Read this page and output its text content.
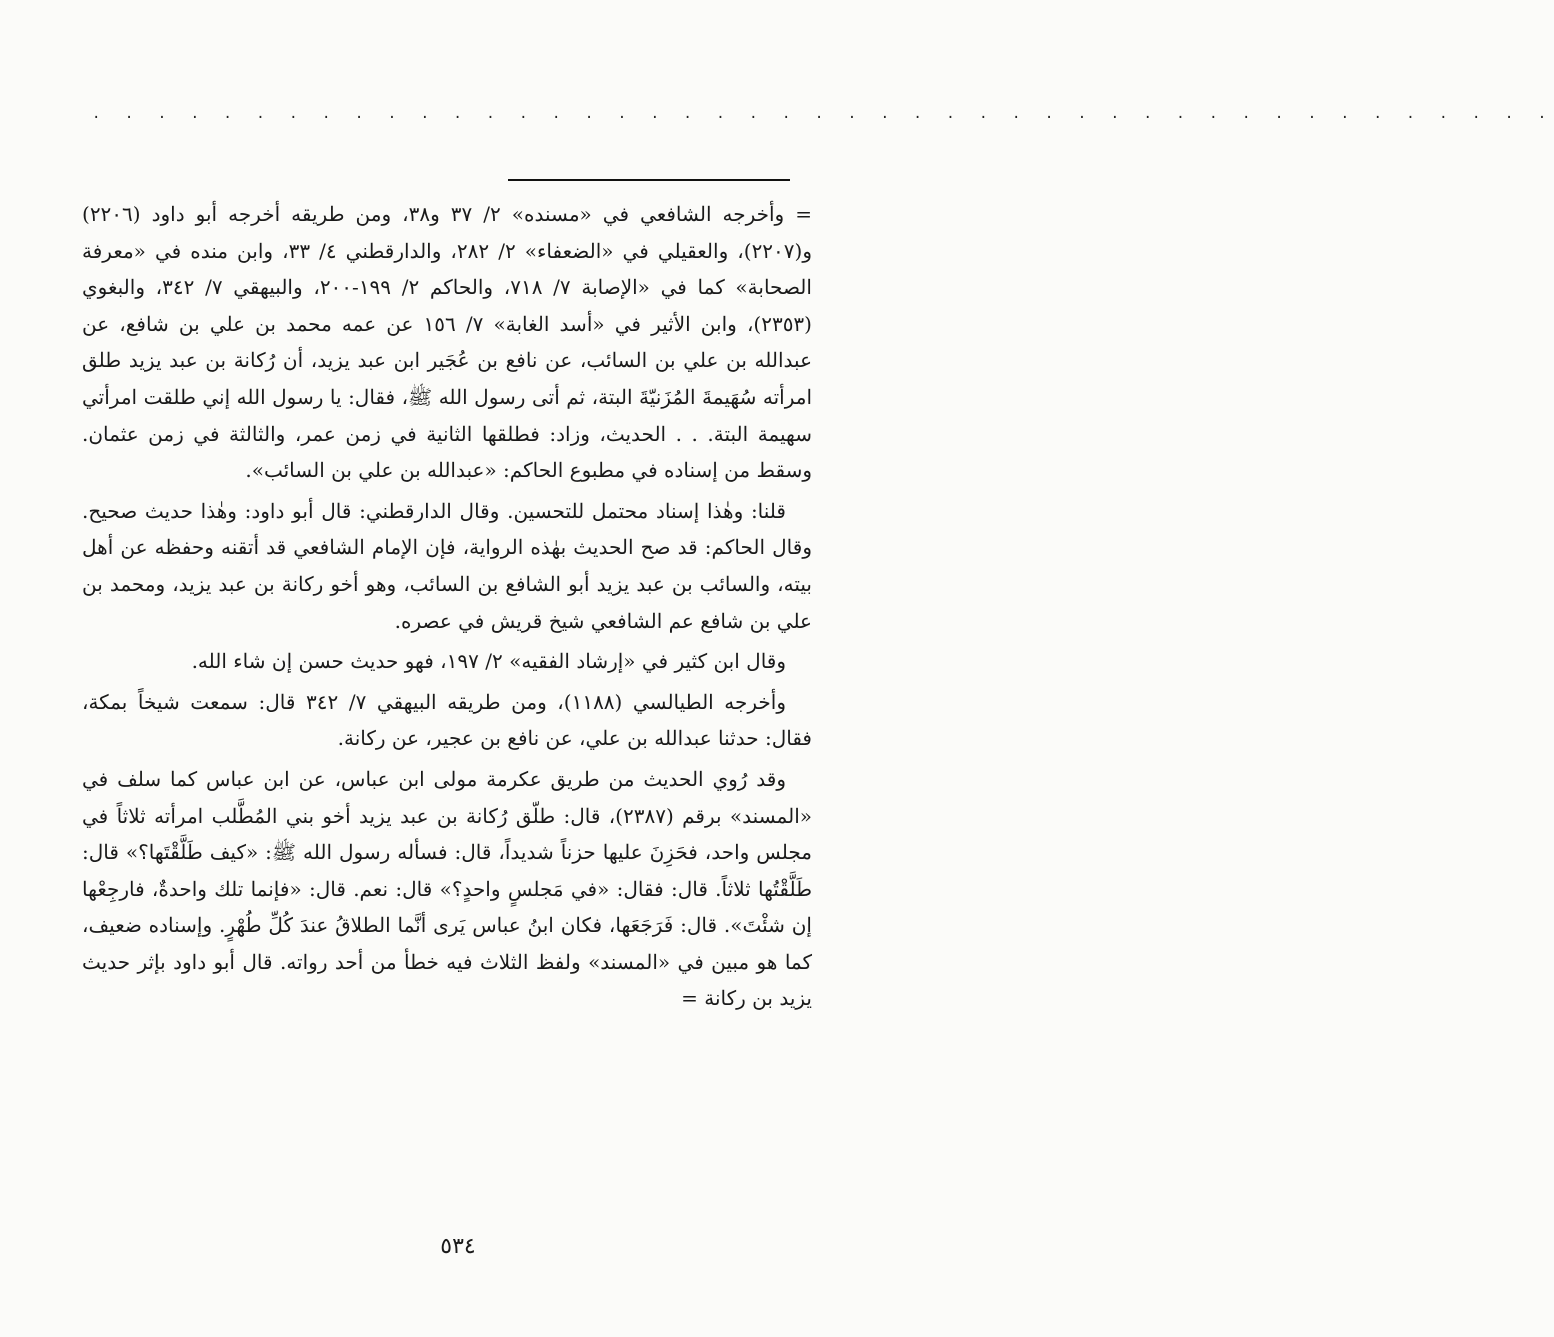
. . . . . . . . . . . . . . . . . . . . . . . . . . . . . . . . . . . . . . . . . . . . .

= وأخرجه الشافعي في «مسنده» ٢/ ٣٧ و٣٨، ومن طريقه أخرجه أبو داود (٢٢٠٦) و(٢٢٠٧)، والعقيلي في «الضعفاء» ٢/ ٢٨٢، والدارقطني ٤/ ٣٣، وابن منده في «معرفة الصحابة» كما في «الإصابة ٧/ ٧١٨، والحاكم ٢/ ١٩٩-٢٠٠، والبيهقي ٧/ ٣٤٢، والبغوي (٢٣٥٣)، وابن الأثير في «أسد الغابة» ٧/ ١٥٦ عن عمه محمد بن علي بن شافع، عن عبدالله بن علي بن السائب، عن نافع بن عُجَير ابن عبد يزيد، أن رُكانة بن عبد يزيد طلق امرأته سُهَيمةَ المُزَنيّةَ البتة، ثم أتى رسول الله ﷺ، فقال: يا رسول الله إني طلقت امرأتي سهيمة البتة. . . الحديث، وزاد: فطلقها الثانية في زمن عمر، والثالثة في زمن عثمان. وسقط من إسناده في مطبوع الحاكم: «عبدالله بن علي بن السائب».

قلنا: وهٰذا إسناد محتمل للتحسين. وقال الدارقطني: قال أبو داود: وهٰذا حديث صحيح. وقال الحاكم: قد صح الحديث بهٰذه الرواية، فإن الإمام الشافعي قد أتقنه وحفظه عن أهل بيته، والسائب بن عبد يزيد أبو الشافع بن السائب، وهو أخو ركانة بن عبد يزيد، ومحمد بن علي بن شافع عم الشافعي شيخ قريش في عصره.

وقال ابن كثير في «إرشاد الفقيه» ٢/ ١٩٧، فهو حديث حسن إن شاء الله.

وأخرجه الطيالسي (١١٨٨)، ومن طريقه البيهقي ٧/ ٣٤٢ قال: سمعت شيخاً بمكة، فقال: حدثنا عبدالله بن علي، عن نافع بن عجير، عن ركانة.

وقد رُوي الحديث من طريق عكرمة مولى ابن عباس، عن ابن عباس كما سلف في «المسند» برقم (٢٣٨٧)، قال: طلّق رُكانة بن عبد يزيد أخو بني المُطَّلب امرأته ثلاثاً في مجلس واحد، فحَزِنَ عليها حزناً شديداً، قال: فسأله رسول الله ﷺ: «كيف طَلَّقْتَها؟» قال: طَلَّقْتُها ثلاثاً. قال: فقال: «في مَجلسٍ واحدٍ؟» قال: نعم. قال: «فإنما تلك واحدةٌ، فارجِعْها إن شئْتَ». قال: فَرَجَعَها، فكان ابنُ عباس يَرى أنَّما الطلاقُ عندَ كُلِّ طُهْرٍ. وإسناده ضعيف، كما هو مبين في «المسند» ولفظ الثلاث فيه خطأ من أحد رواته. قال أبو داود بإثر حديث يزيد بن ركانة =

٥٣٤
